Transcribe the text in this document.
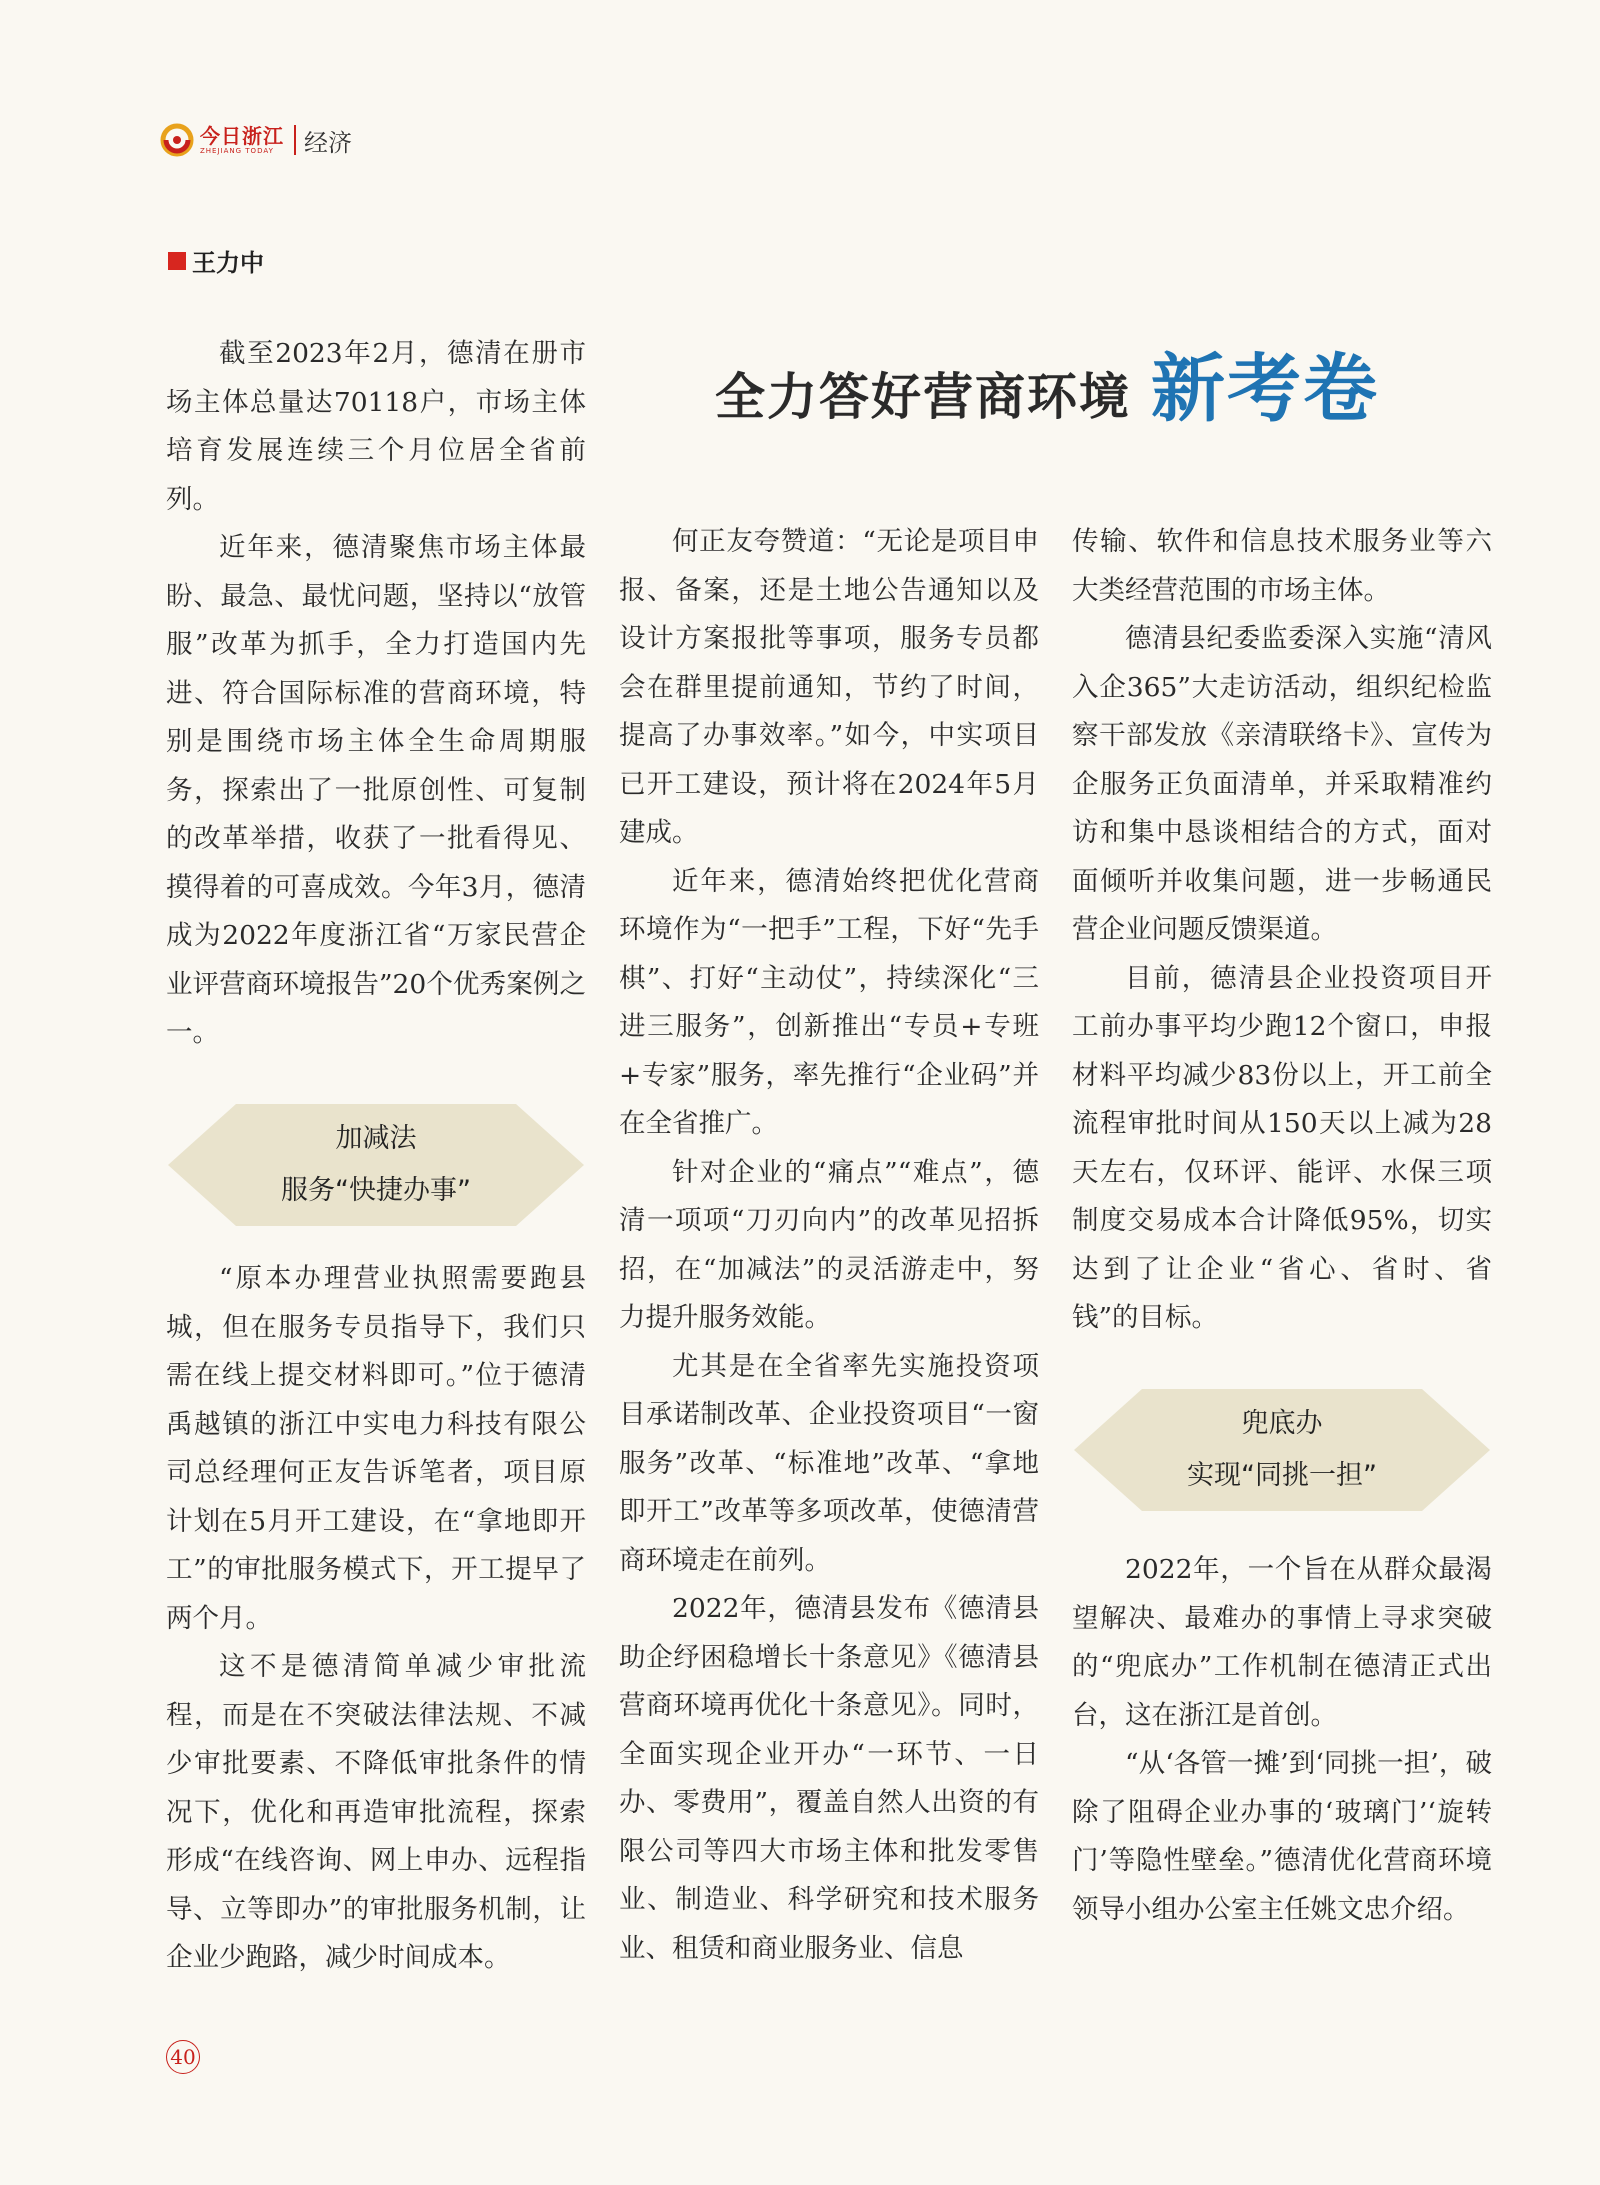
今日浙江
ZHEJIANG TODAY	经济
王力中
全力答好营商环境 新考卷

截至2023年2月，德清在册市场主体总量达70118户，市场主体培育发展连续三个月位居全省前列。

近年来，德清聚焦市场主体最盼、最急、最忧问题，坚持以“放管服”改革为抓手，全力打造国内先进、符合国际标准的营商环境，特别是围绕市场主体全生命周期服务，探索出了一批原创性、可复制的改革举措，收获了一批看得见、摸得着的可喜成效。今年3月，德清成为2022年度浙江省“万家民营企业评营商环境报告”20个优秀案例之一。

加减法
服务“快捷办事”

“原本办理营业执照需要跑县城，但在服务专员指导下，我们只需在线上提交材料即可。”位于德清禹越镇的浙江中实电力科技有限公司总经理何正友告诉笔者，项目原计划在5月开工建设，在“拿地即开工”的审批服务模式下，开工提早了两个月。

这不是德清简单减少审批流程，而是在不突破法律法规、不减少审批要素、不降低审批条件的情况下，优化和再造审批流程，探索形成“在线咨询、网上申办、远程指导、立等即办”的审批服务机制，让企业少跑路，减少时间成本。

何正友夸赞道：“无论是项目申报、备案，还是土地公告通知以及设计方案报批等事项，服务专员都会在群里提前通知，节约了时间，提高了办事效率。”如今，中实项目已开工建设，预计将在2024年5月建成。

近年来，德清始终把优化营商环境作为“一把手”工程，下好“先手棋”、打好“主动仗”，持续深化“三进三服务”，创新推出“专员+专班+专家”服务，率先推行“企业码”并在全省推广。

针对企业的“痛点”“难点”，德清一项项“刀刃向内”的改革见招拆招，在“加减法”的灵活游走中，努力提升服务效能。

尤其是在全省率先实施投资项目承诺制改革、企业投资项目“一窗服务”改革、“标准地”改革、“拿地即开工”改革等多项改革，使德清营商环境走在前列。

2022年，德清县发布《德清县助企纾困稳增长十条意见》《德清县营商环境再优化十条意见》。同时，全面实现企业开办“一环节、一日办、零费用”，覆盖自然人出资的有限公司等四大市场主体和批发零售业、制造业、科学研究和技术服务业、租赁和商业服务业、信息

传输、软件和信息技术服务业等六大类经营范围的市场主体。

德清县纪委监委深入实施“清风入企365”大走访活动，组织纪检监察干部发放《亲清联络卡》、宣传为企服务正负面清单，并采取精准约访和集中恳谈相结合的方式，面对面倾听并收集问题，进一步畅通民营企业问题反馈渠道。

目前，德清县企业投资项目开工前办事平均少跑12个窗口，申报材料平均减少83份以上，开工前全流程审批时间从150天以上减为28天左右，仅环评、能评、水保三项制度交易成本合计降低95%，切实达到了让企业“省心、省时、省钱”的目标。

兜底办
实现“同挑一担”

2022年，一个旨在从群众最渴望解决、最难办的事情上寻求突破的“兜底办”工作机制在德清正式出台，这在浙江是首创。

“从‘各管一摊’到‘同挑一担’，破除了阻碍企业办事的‘玻璃门’‘旋转门’等隐性壁垒。”德清优化营商环境领导小组办公室主任姚文忠介绍。

40
